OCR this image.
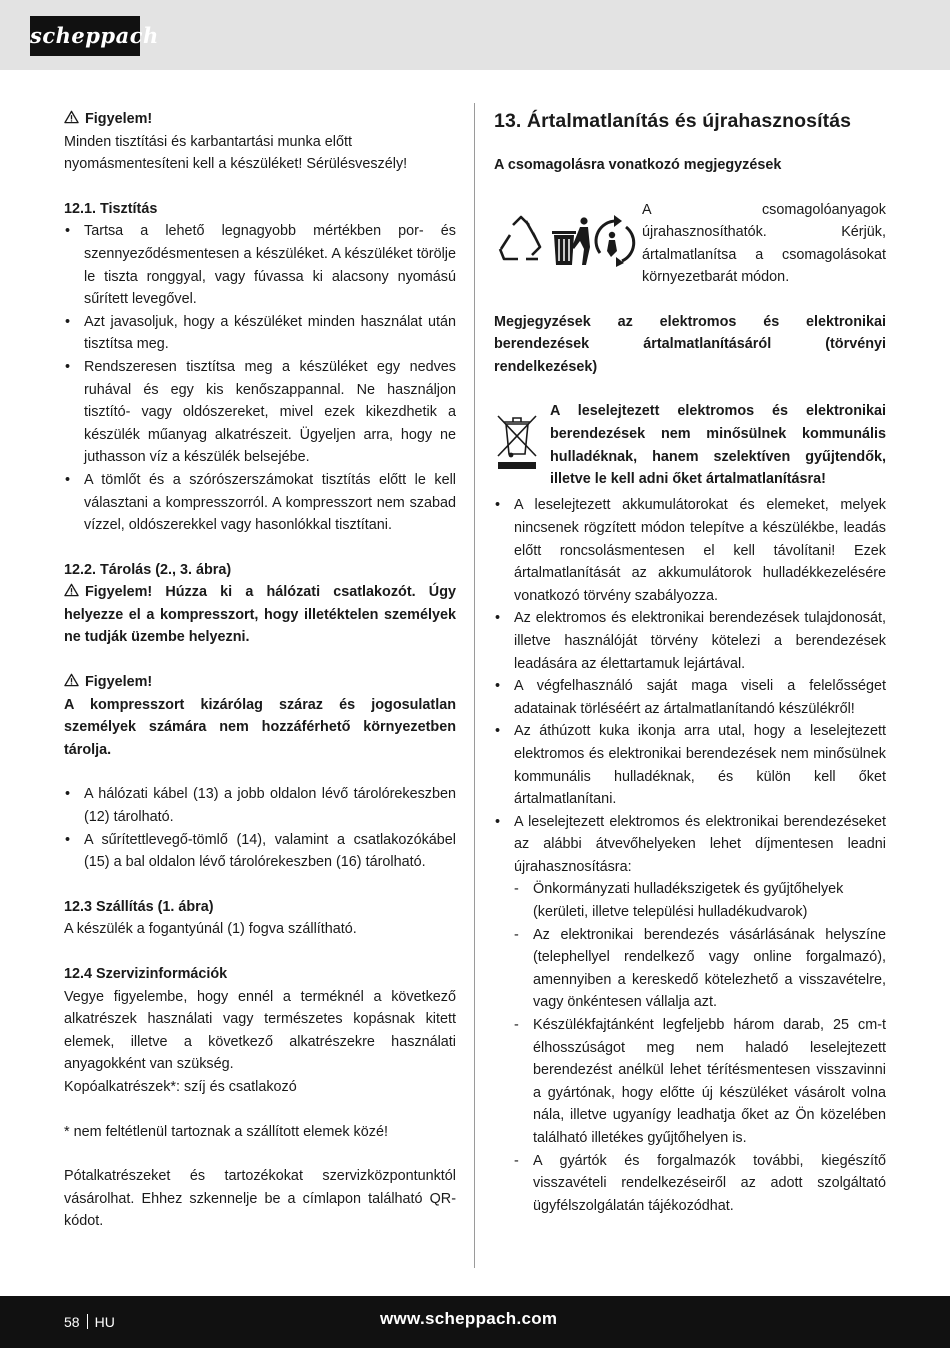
scheppach

Figyelem!

Minden tisztítási és karbantartási munka előtt nyomásmentesíteni kell a készüléket! Sérülésveszély!

12.1. Tisztítás

• Tartsa a lehető legnagyobb mértékben por- és szennyeződésmentesen a készüléket. A készüléket törölje le tiszta ronggyal, vagy fúvassa ki alacsony nyomású sűrített levegővel.
• Azt javasoljuk, hogy a készüléket minden használat után tisztítsa meg.
• Rendszeresen tisztítsa meg a készüléket egy nedves ruhával és egy kis kenőszappannal. Ne használjon tisztító- vagy oldószereket, mivel ezek kikezdhetik a készülék műanyag alkatrészeit. Ügyeljen arra, hogy ne juthasson víz a készülék belsejébe.
• A tömlőt és a szórószerszámokat tisztítás előtt le kell választani a kompresszorról. A kompresszort nem szabad vízzel, oldószerekkel vagy hasonlókkal tisztítani.

12.2. Tárolás (2., 3. ábra)

Figyelem! Húzza ki a hálózati csatlakozót. Úgy helyezze el a kompresszort, hogy illetéktelen személyek ne tudják üzembe helyezni.

Figyelem!

A kompresszort kizárólag száraz és jogosulatlan személyek számára nem hozzáférhető környezetben tárolja.

• A hálózati kábel (13) a jobb oldalon lévő tárolórekeszben (12) tárolható.
• A sűrítettlevegő-tömlő (14), valamint a csatlakozókábel (15) a bal oldalon lévő tárolórekeszben (16) tárolható.

12.3 Szállítás (1. ábra)

A készülék a fogantyúnál (1) fogva szállítható.

12.4 Szervizinformációk

Vegye figyelembe, hogy ennél a terméknél a következő alkatrészek használati vagy természetes kopásnak kitett elemek, illetve a következő alkatrészekre használati anyagokként van szükség.

Kopóalkatrészek*: szíj és csatlakozó

* nem feltétlenül tartoznak a szállított elemek közé!

Pótalkatrészeket és tartozékokat szervizközpontunktól vásárolhat. Ehhez szkennelje be a címlapon található QR-kódot.

13. Ártalmatlanítás és újrahasznosítás

A csomagolásra vonatkozó megjegyzések

A csomagolóanyagok újrahasznosíthatók. Kérjük, ártalmatlanítsa a csomagolásokat környezetbarát módon.

Megjegyzések az elektromos és elektronikai berendezések ártalmatlanításáról (törvényi rendelkezések)

A leselejtezett elektromos és elektronikai berendezések nem minősülnek kommunális hulladéknak, hanem szelektíven gyűjtendők, illetve le kell adni őket ártalmatlanításra!

• A leselejtezett akkumulátorokat és elemeket, melyek nincsenek rögzített módon telepítve a készülékbe, leadás előtt roncsolásmentesen el kell távolítani! Ezek ártalmatlanítását az akkumulátorok hulladékkezelésére vonatkozó törvény szabályozza.
• Az elektromos és elektronikai berendezések tulajdonosát, illetve használóját törvény kötelezi a berendezések leadására az élettartamuk lejártával.
• A végfelhasználó saját maga viseli a felelősséget adatainak törléséért az ártalmatlanítandó készülékről!
• Az áthúzott kuka ikonja arra utal, hogy a leselejtezett elektromos és elektronikai berendezések nem minősülnek kommunális hulladéknak, és külön kell őket ártalmatlanítani.
• A leselejtezett elektromos és elektronikai berendezéseket az alábbi átvevőhelyeken lehet díjmentesen leadni újrahasznosításra:
- Önkormányzati hulladékszigetek és gyűjtőhelyek (kerületi, illetve települési hulladékudvarok)
- Az elektronikai berendezés vásárlásának helyszíne (telephellyel rendelkező vagy online forgalmazó), amennyiben a kereskedő kötelezhető a visszavételre, vagy önkéntesen vállalja azt.
- Készülékfajtánként legfeljebb három darab, 25 cm-t élhosszúságot meg nem haladó leselejtezett berendezést anélkül lehet térítésmentesen visszavinni a gyártónak, hogy előtte új készüléket vásárolt volna nála, illetve ugyanígy leadhatja őket az Ön közelében található illetékes gyűjtőhelyen is.
- A gyártók és forgalmazók további, kiegészítő visszavételi rendelkezéseiről az adott szolgáltató ügyfélszolgálatán tájékozódhat.
58 HU	www.scheppach.com
